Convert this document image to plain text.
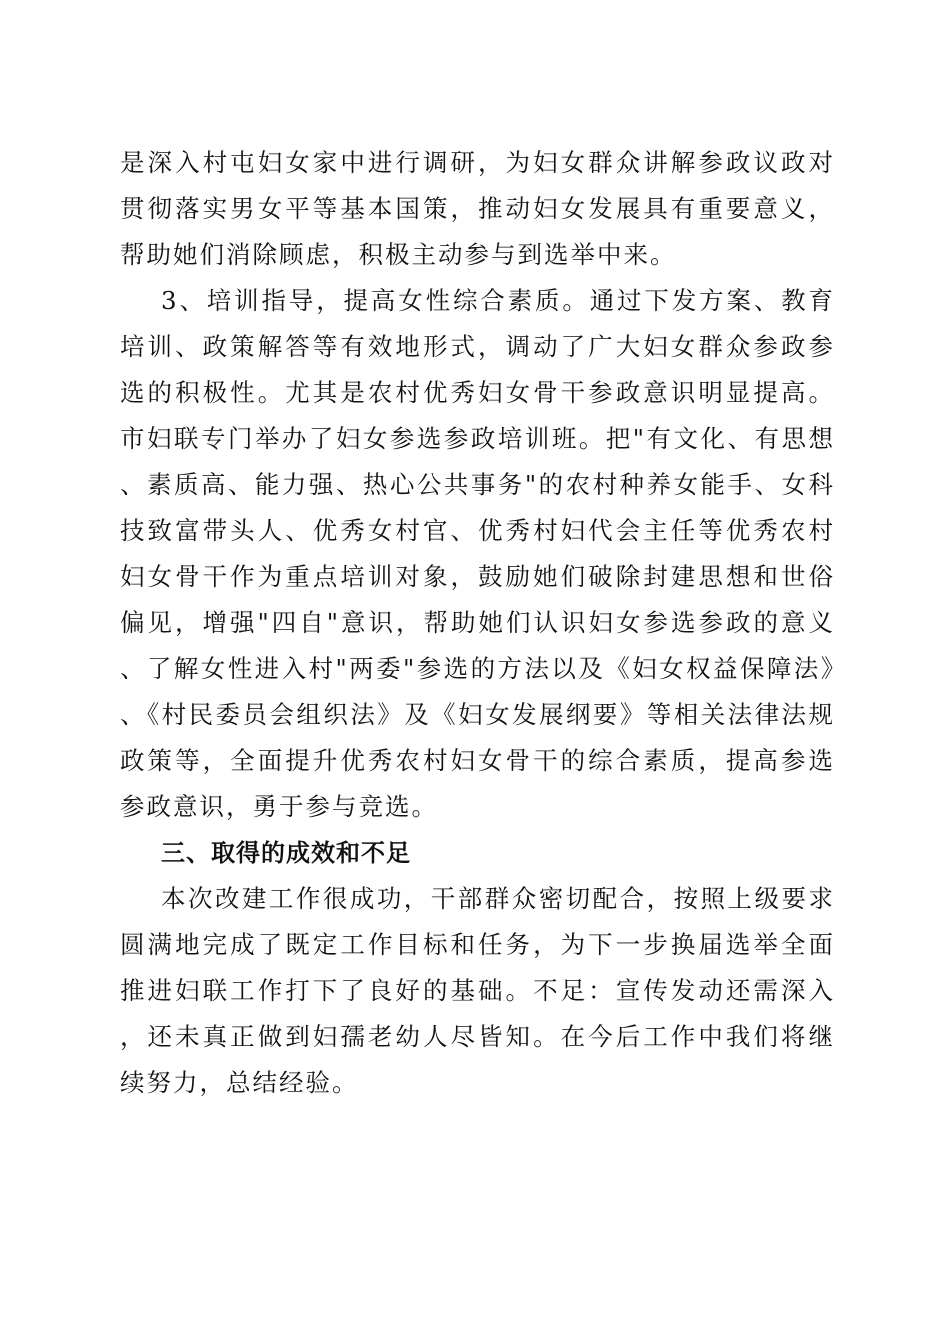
是深入村屯妇女家中进行调研，为妇女群众讲解参政议政对贯彻落实男女平等基本国策，推动妇女发展具有重要意义，帮助她们消除顾虑，积极主动参与到选举中来。

3、培训指导，提高女性综合素质。通过下发方案、教育培训、政策解答等有效地形式，调动了广大妇女群众参政参选的积极性。尤其是农村优秀妇女骨干参政意识明显提高。市妇联专门举办了妇女参选参政培训班。把"有文化、有思想、素质高、能力强、热心公共事务"的农村种养女能手、女科技致富带头人、优秀女村官、优秀村妇代会主任等优秀农村妇女骨干作为重点培训对象，鼓励她们破除封建思想和世俗偏见，增强"四自"意识，帮助她们认识妇女参选参政的意义、了解女性进入村"两委"参选的方法以及《妇女权益保障法》、《村民委员会组织法》及《妇女发展纲要》等相关法律法规政策等，全面提升优秀农村妇女骨干的综合素质，提高参选参政意识，勇于参与竞选。

三、取得的成效和不足

本次改建工作很成功，干部群众密切配合，按照上级要求圆满地完成了既定工作目标和任务，为下一步换届选举全面推进妇联工作打下了良好的基础。不足：宣传发动还需深入，还未真正做到妇孺老幼人尽皆知。在今后工作中我们将继续努力，总结经验。
